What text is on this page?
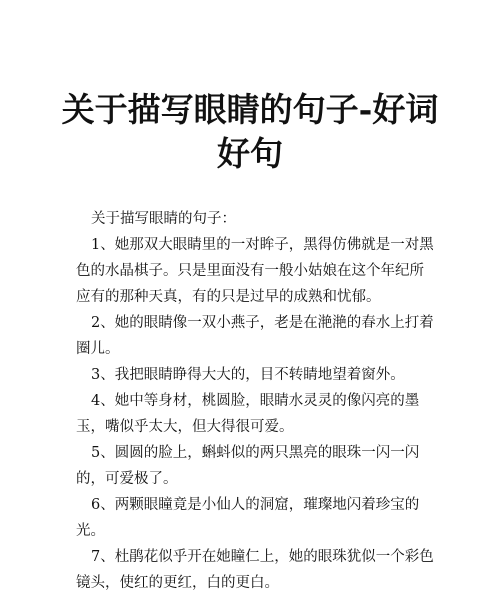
关于描写眼睛的句子-好词
好句

关于描写眼睛的句子：

1、她那双大眼睛里的一对眸子，黑得仿佛就是一对黑色的水晶棋子。只是里面没有一般小姑娘在这个年纪所应有的那种天真，有的只是过早的成熟和忧郁。

2、她的眼睛像一双小燕子，老是在滟滟的春水上打着圈儿。

3、我把眼睛睁得大大的，目不转睛地望着窗外。

4、她中等身材，桃圆脸，眼睛水灵灵的像闪亮的墨玉，嘴似乎太大，但大得很可爱。

5、圆圆的脸上，蝌蚪似的两只黑亮的眼珠一闪一闪的，可爱极了。

6、两颗眼瞳竟是小仙人的洞窟，璀璨地闪着珍宝的光。

7、杜鹃花似乎开在她瞳仁上，她的眼珠犹似一个彩色镜头，使红的更红，白的更白。
